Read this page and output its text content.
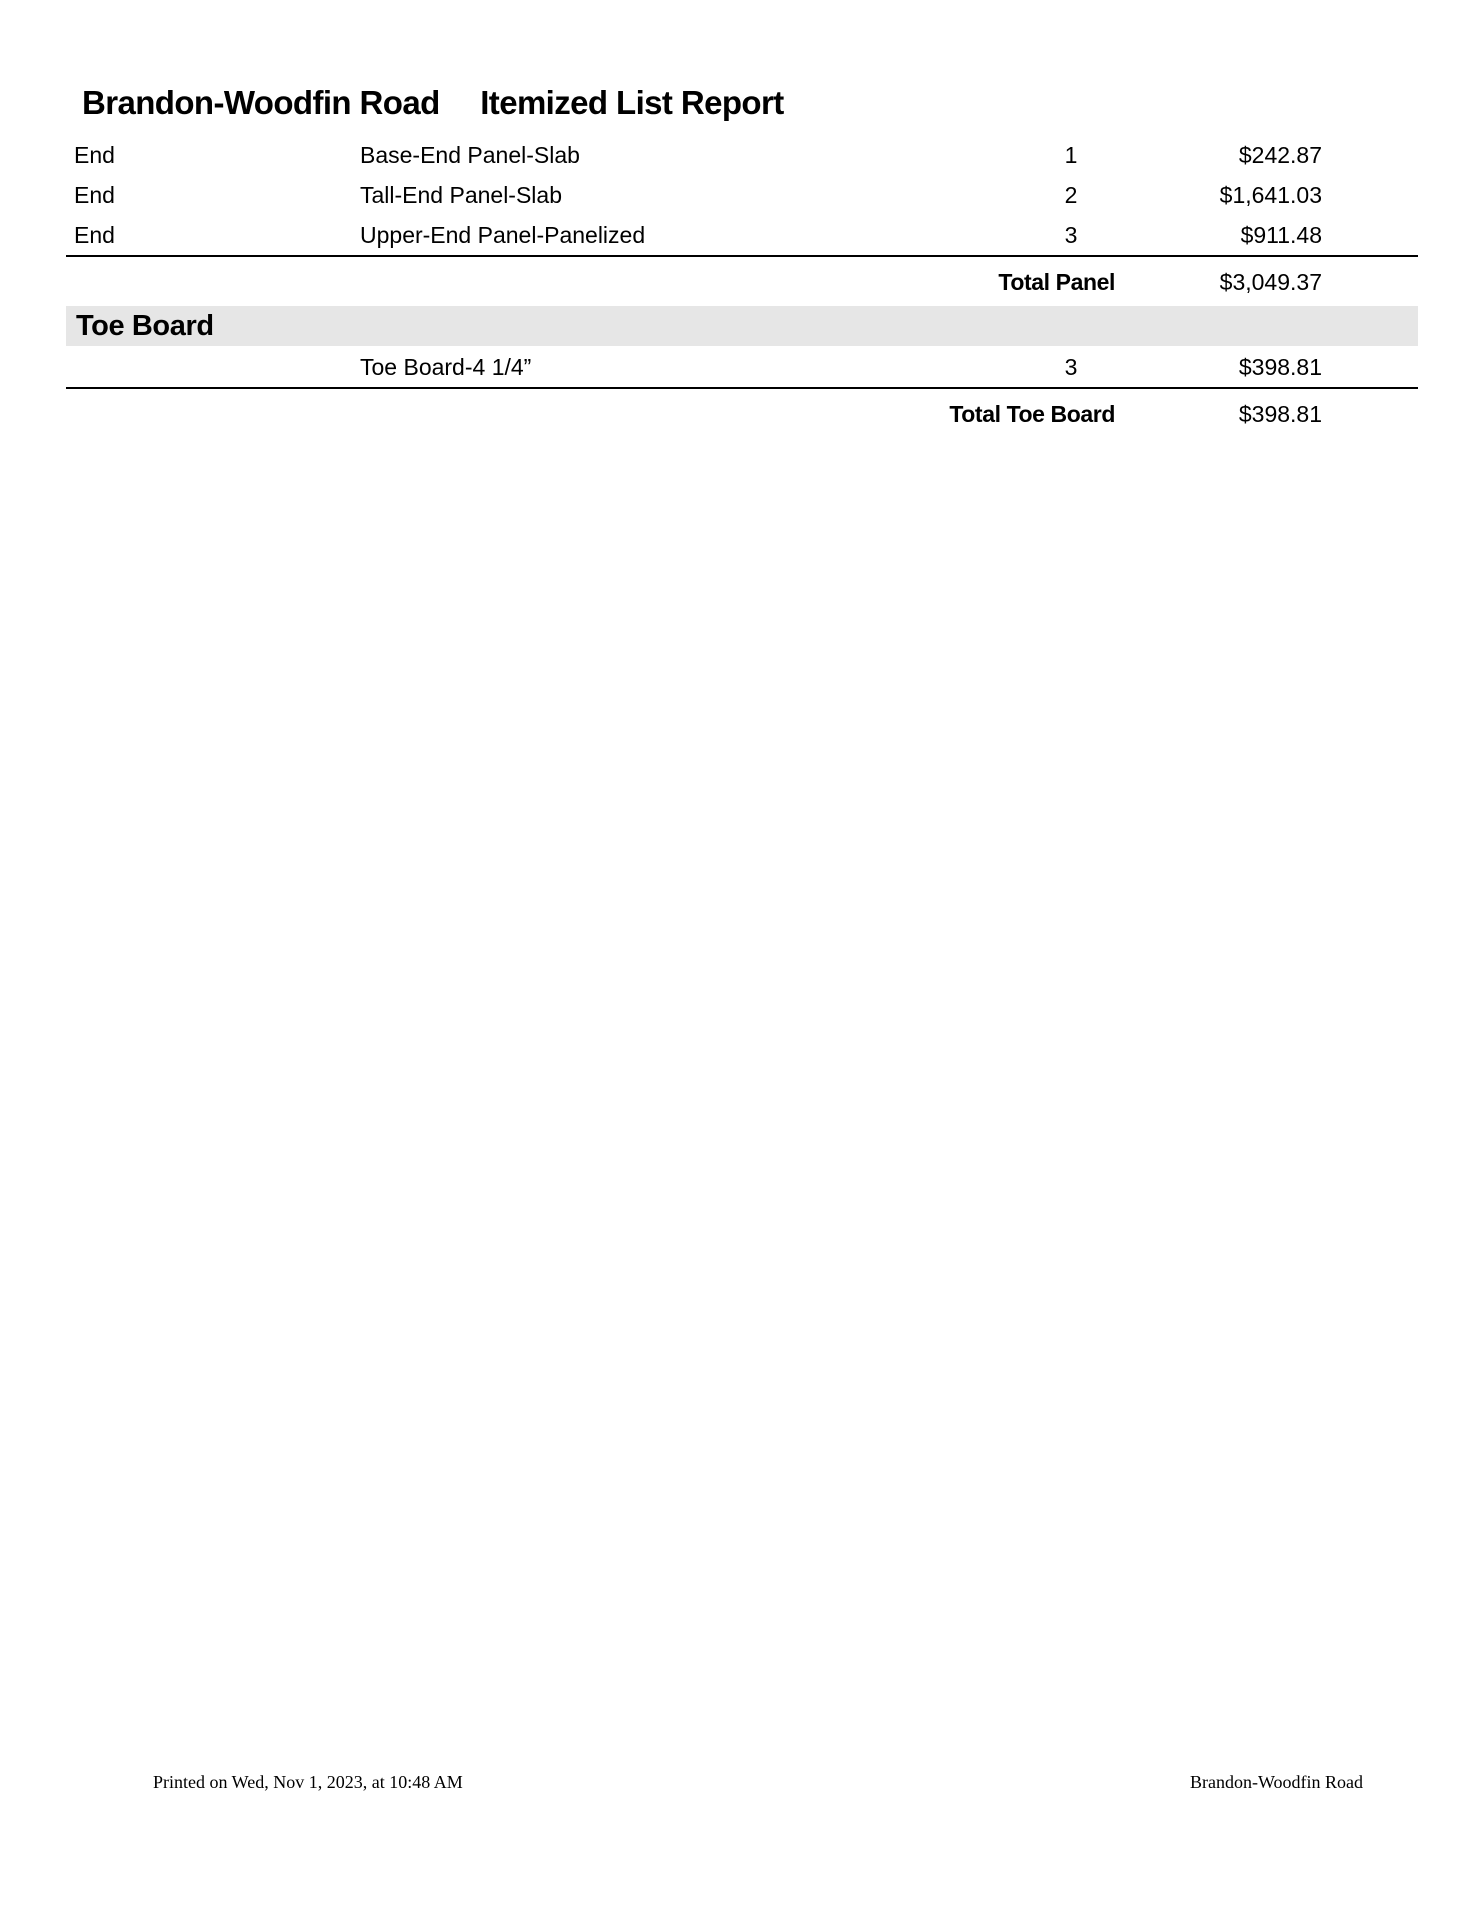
Brandon-Woodfin Road Itemized List Report
End	Base-End Panel-Slab	1	$242.87
End	Tall-End Panel-Slab	2	$1,641.03
End	Upper-End Panel-Panelized	3	$911.48
Total Panel	$3,049.37
Toe Board
Toe Board-4 1/4”	3	$398.81
Total Toe Board	$398.81
Printed on Wed, Nov 1, 2023, at 10:48 AM	Brandon-Woodfin Road
